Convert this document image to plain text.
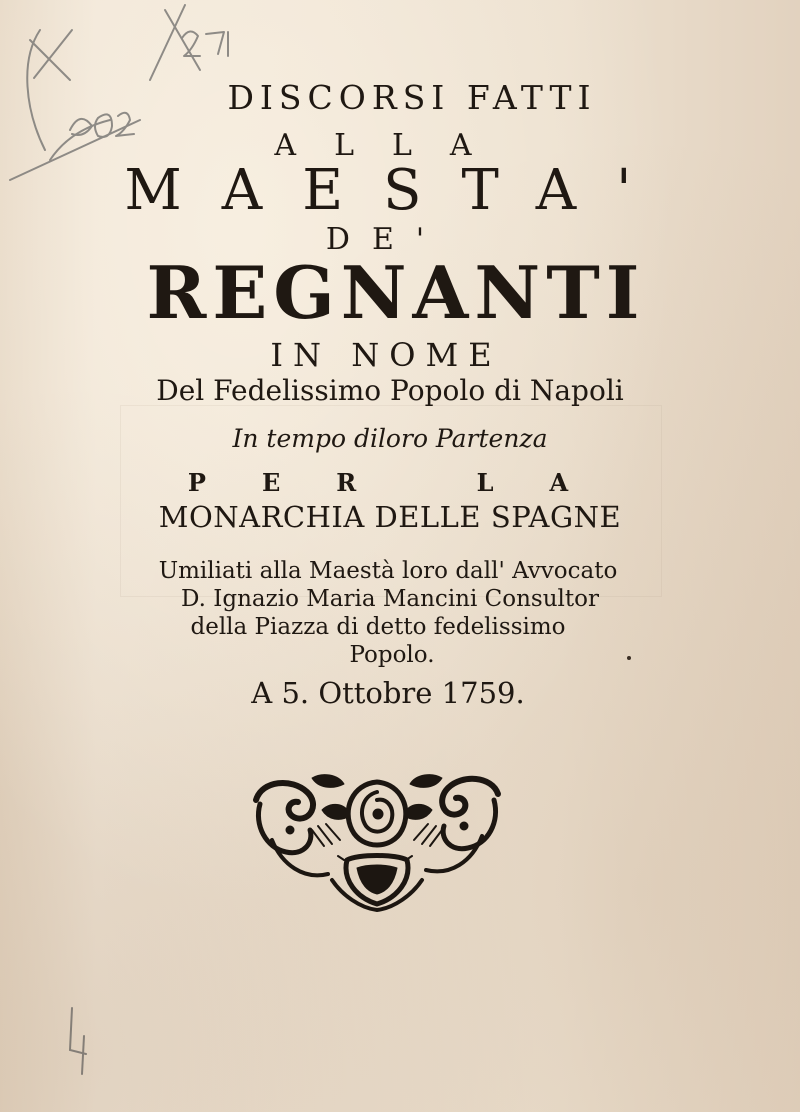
DISCORSI FATTI
ALLA
MAESTA'
DE'
REGNANTI
IN NOME
Del Fedelissimo Popolo di Napoli
In tempo diloro Partenza
PER LA
MONARCHIA DELLE SPAGNE
Umiliati alla Maestà loro dall' Avvocato
D. Ignazio Maria Mancini Consultor
della Piazza di detto fedelissimo
Popolo.
A 5. Ottobre 1759.
